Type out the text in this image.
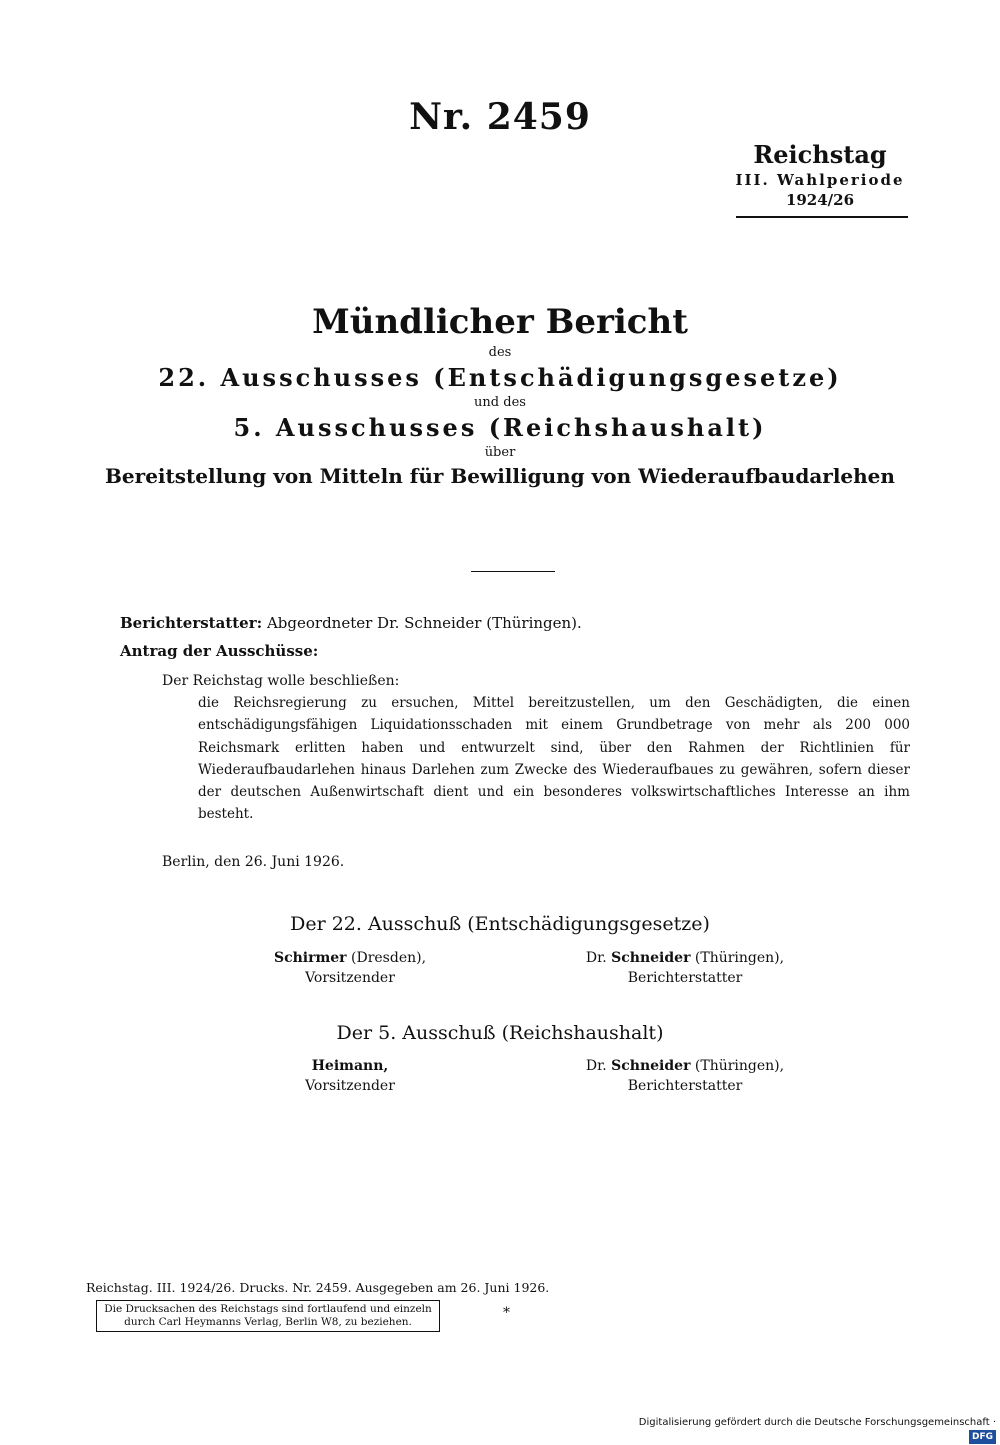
Nr. 2459
Reichstag
III. Wahlperiode
1924/26
Mündlicher Bericht
des
22. Ausschusses (Entschädigungsgesetze)
und des
5. Ausschusses (Reichshaushalt)
über
Bereitstellung von Mitteln für Bewilligung von Wiederaufbaudarlehen
Berichterstatter: Abgeordneter Dr. Schneider (Thüringen).
Antrag der Ausschüsse:
Der Reichstag wolle beschließen:
die Reichsregierung zu ersuchen, Mittel bereitzustellen, um den Geschädigten, die einen entschädigungsfähigen Liquidationsschaden mit einem Grundbetrage von mehr als 200 000 Reichsmark erlitten haben und entwurzelt sind, über den Rahmen der Richtlinien für Wiederaufbaudarlehen hinaus Darlehen zum Zwecke des Wiederaufbaues zu gewähren, sofern dieser der deutschen Außenwirtschaft dient und ein besonderes volkswirtschaftliches Interesse an ihm besteht.
Berlin, den 26. Juni 1926.
Der 22. Ausschuß (Entschädigungsgesetze)
Schirmer (Dresden),
Vorsitzender
Dr. Schneider (Thüringen),
Berichterstatter
Der 5. Ausschuß (Reichshaushalt)
Heimann,
Vorsitzender
Dr. Schneider (Thüringen),
Berichterstatter
Reichstag. III. 1924/26. Drucks. Nr. 2459. Ausgegeben am 26. Juni 1926.
Die Drucksachen des Reichstags sind fortlaufend und einzeln
durch Carl Heymanns Verlag, Berlin W8, zu beziehen.
*
Digitalisierung gefördert durch die Deutsche Forschungsgemeinschaft ·DFG
